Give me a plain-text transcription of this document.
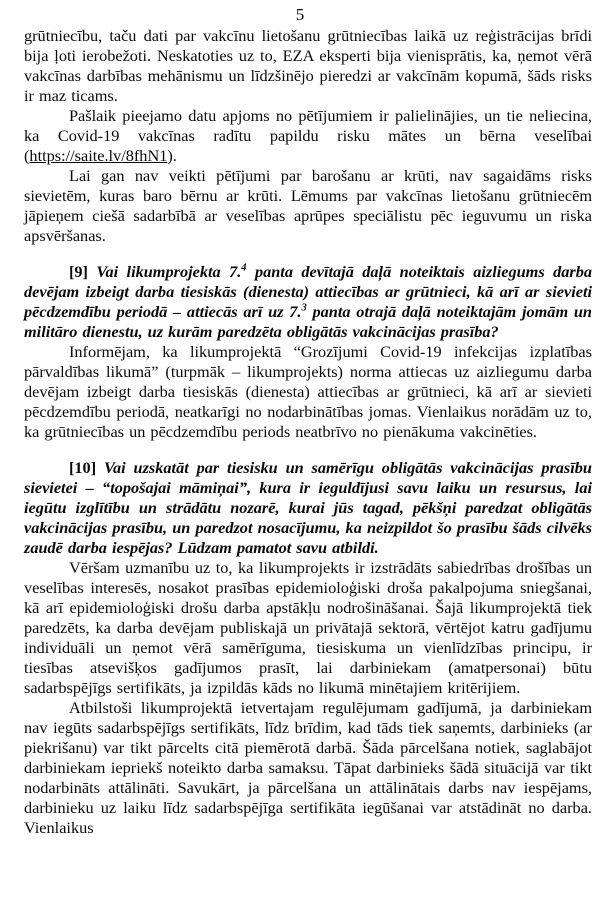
5

grūtniecību, taču dati par vakcīnu lietošanu grūtniecības laikā uz reģistrācijas brīdi bija ļoti ierobežoti. Neskatoties uz to, EZA eksperti bija vienisprātis, ka, ņemot vērā vakcīnas darbības mehānismu un līdzšinējo pieredzi ar vakcīnām kopumā, šāds risks ir maz ticams.

Pašlaik pieejamo datu apjoms no pētījumiem ir palielinājies, un tie neliecina, ka Covid-19 vakcīnas radītu papildu risku mātes un bērna veselībai (https://saite.lv/8fhN1).

Lai gan nav veikti pētījumi par barošanu ar krūti, nav sagaidāms risks sievietēm, kuras baro bērnu ar krūti. Lēmums par vakcīnas lietošanu grūtniecēm jāpieņem ciešā sadarbībā ar veselības aprūpes speciālistu pēc ieguvumu un riska apsvēršanas.

[9] Vai likumprojekta 7.$^4$ panta devītajā daļā noteiktais aizliegums darba devējam izbeigt darba tiesiskās (dienesta) attiecības ar grūtnieci, kā arī ar sievieti pēcdzemdību periodā – attiecās arī uz 7.$^3$ panta otrajā daļā noteiktajām jomām un militāro dienestu, uz kurām paredzēta obligātās vakcinācijas prasība?

Informējam, ka likumprojektā “Grozījumi Covid-19 infekcijas izplatības pārvaldības likumā” (turpmāk – likumprojekts) norma attiecas uz aizliegumu darba devējam izbeigt darba tiesiskās (dienesta) attiecības ar grūtnieci, kā arī ar sievieti pēcdzemdību periodā, neatkarīgi no nodarbinātības jomas. Vienlaikus norādām uz to, ka grūtniecības un pēcdzemdību periods neatbrīvo no pienākuma vakcinēties.

[10] Vai uzskatāt par tiesisku un samērīgu obligātās vakcinācijas prasību sievietei – “topošajai māmiņai”, kura ir ieguldījusi savu laiku un resursus, lai iegūtu izglītību un strādātu nozarē, kurai jūs tagad, pēkšņi paredzat obligātās vakcinācijas prasību, un paredzot nosacījumu, ka neizpildot šo prasību šāds cilvēks zaudē darba iespējas? Lūdzam pamatot savu atbildi.

Vēršam uzmanību uz to, ka likumprojekts ir izstrādāts sabiedrības drošības un veselības interesēs, nosakot prasības epidemioloģiski droša pakalpojuma sniegšanai, kā arī epidemioloģiski drošu darba apstākļu nodrošināšanai. Šajā likumprojektā tiek paredzēts, ka darba devējam publiskajā un privātajā sektorā, vērtējot katru gadījumu individuāli un ņemot vērā samērīguma, tiesiskuma un vienlīdzības principu, ir tiesības atsevišķos gadījumos prasīt, lai darbiniekam (amatpersonai) būtu sadarbspējīgs sertifikāts, ja izpildās kāds no likumā minētajiem kritērijiem.

Atbilstoši likumprojektā ietvertajam regulējumam gadījumā, ja darbiniekam nav iegūts sadarbspējīgs sertifikāts, līdz brīdim, kad tāds tiek saņemts, darbinieks (ar piekrišanu) var tikt pārcelts citā piemērotā darbā. Šāda pārcelšana notiek, saglabājot darbiniekam iepriekš noteikto darba samaksu. Tāpat darbinieks šādā situācijā var tikt nodarbināts attālināti. Savukārt, ja pārcelšana un attālinātais darbs nav iespējams, darbinieku uz laiku līdz sadarbspējīga sertifikāta iegūšanai var atstādināt no darba. Vienlaikus
